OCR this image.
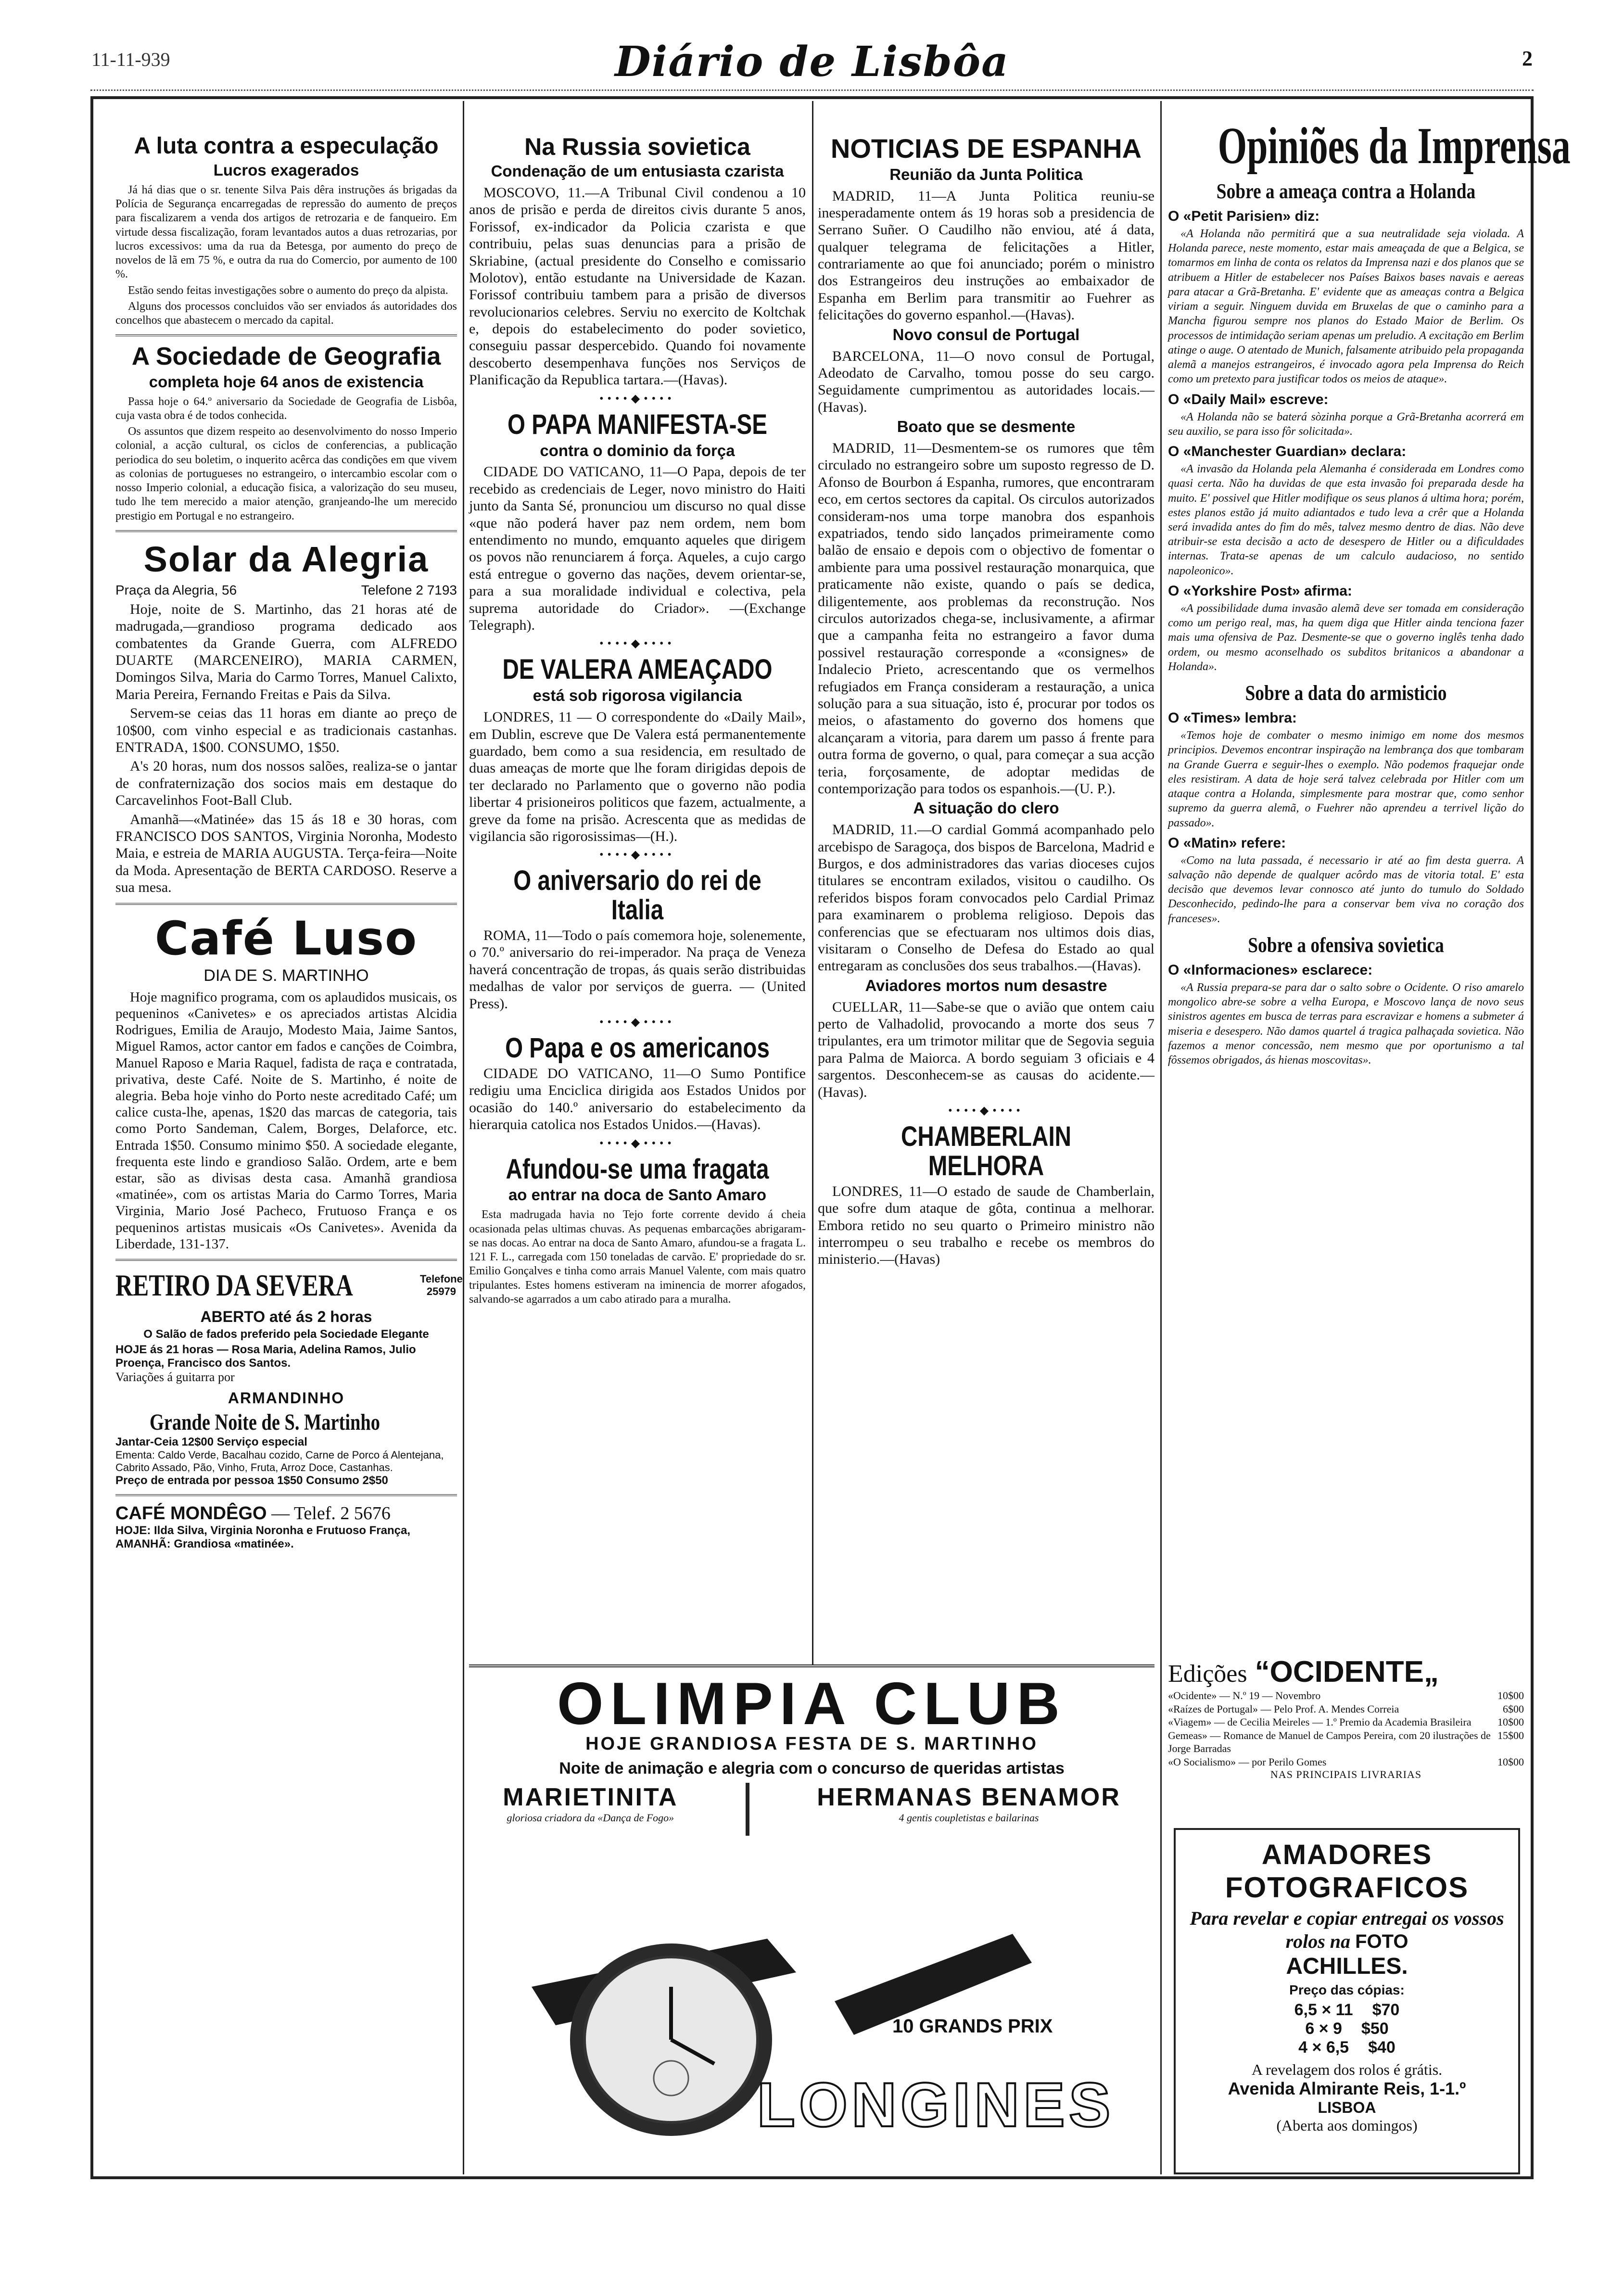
11-11-939	Diário de Lisbôa	2
A luta contra a especulação
Lucros exagerados

Já há dias que o sr. tenente Silva Pais dêra instruções ás brigadas da Polícia de Segurança encarregadas de repressão do aumento de preços para fiscalizarem a venda dos artigos de retrozaria e de fanqueiro. Em virtude dessa fiscalização, foram levantados autos a duas retrozarias, por lucros excessivos: uma da rua da Betesga, por aumento do preço de novelos de lã em 75 %, e outra da rua do Comercio, por aumento de 100 %.

Estão sendo feitas investigações sobre o aumento do preço da alpista.

Alguns dos processos concluidos vão ser enviados ás autoridades dos concelhos que abastecem o mercado da capital.

A Sociedade de Geografia
completa hoje 64 anos de existencia

Passa hoje o 64.º aniversario da Sociedade de Geografia de Lisbôa, cuja vasta obra é de todos conhecida.

Os assuntos que dizem respeito ao desenvolvimento do nosso Imperio colonial, a acção cultural, os ciclos de conferencias, a publicação periodica do seu boletim, o inquerito acêrca das condições em que vivem as colonias de portugueses no estrangeiro, o intercambio escolar com o nosso Imperio colonial, a educação fisica, a valorização do seu museu, tudo lhe tem merecido a maior atenção, granjeando-lhe um merecido prestigio em Portugal e no estrangeiro.

Solar da Alegria
Praça da Alegria, 56	Telefone 2 7193

Hoje, noite de S. Martinho, das 21 horas até de madrugada,—grandioso programa dedicado aos combatentes da Grande Guerra, com ALFREDO DUARTE (MARCENEIRO), MARIA CARMEN, Domingos Silva, Maria do Carmo Torres, Manuel Calixto, Maria Pereira, Fernando Freitas e Pais da Silva.

Servem-se ceias das 11 horas em diante ao preço de 10$00, com vinho especial e as tradicionais castanhas. ENTRADA, 1$00. CONSUMO, 1$50.

A's 20 horas, num dos nossos salões, realiza-se o jantar de confraternização dos socios mais em destaque do Carcavelinhos Foot-Ball Club.

Amanhã—«Matinée» das 15 ás 18 e 30 horas, com FRANCISCO DOS SANTOS, Virginia Noronha, Modesto Maia, e estreia de MARIA AUGUSTA. Terça-feira—Noite da Moda. Apresentação de BERTA CARDOSO. Reserve a sua mesa.

Café Luso
DIA DE S. MARTINHO

Hoje magnifico programa, com os aplaudidos musicais, os pequeninos «Canivetes» e os apreciados artistas Alcidia Rodrigues, Emilia de Araujo, Modesto Maia, Jaime Santos, Miguel Ramos, actor cantor em fados e canções de Coimbra, Manuel Raposo e Maria Raquel, fadista de raça e contratada, privativa, deste Café. Noite de S. Martinho, é noite de alegria. Beba hoje vinho do Porto neste acreditado Café; um calice custa-lhe, apenas, 1$20 das marcas de categoria, tais como Porto Sandeman, Calem, Borges, Delaforce, etc. Entrada 1$50. Consumo minimo $50. A sociedade elegante, frequenta este lindo e grandioso Salão. Ordem, arte e bem estar, são as divisas desta casa. Amanhã grandiosa «matinée», com os artistas Maria do Carmo Torres, Maria Virginia, Mario José Pacheco, Frutuoso França e os pequeninos artistas musicais «Os Canivetes». Avenida da Liberdade, 131-137.

RETIRO DA SEVERA	Telefone
25979
ABERTO até ás 2 horas
O Salão de fados preferido pela Sociedade Elegante
HOJE ás 21 horas — Rosa Maria, Adelina Ramos, Julio Proença, Francisco dos Santos.
Variações á guitarra por
ARMANDINHO
Grande Noite de S. Martinho
Jantar-Ceia 12$00 Serviço especial
Ementa: Caldo Verde, Bacalhau cozido, Carne de Porco á Alentejana, Cabrito Assado, Pão, Vinho, Fruta, Arroz Doce, Castanhas.
Preço de entrada por pessoa 1$50 Consumo 2$50
CAFÉ MONDÊGO — Telef. 2 5676
HOJE: Ilda Silva, Virginia Noronha e Frutuoso França, AMANHÃ: Grandiosa «matinée».
Na Russia sovietica
Condenação de um entusiasta czarista

MOSCOVO, 11.—A Tribunal Civil condenou a 10 anos de prisão e perda de direitos civis durante 5 anos, Forissof, ex-indicador da Policia czarista e que contribuiu, pelas suas denuncias para a prisão de Skriabine, (actual presidente do Conselho e comissario Molotov), então estudante na Universidade de Kazan. Forissof contribuiu tambem para a prisão de diversos revolucionarios celebres. Serviu no exercito de Koltchak e, depois do estabelecimento do poder sovietico, conseguiu passar despercebido. Quando foi novamente descoberto desempenhava funções nos Serviços de Planificação da Republica tartara.—(Havas).

••••◆••••
O PAPA MANIFESTA-SE
contra o dominio da força

CIDADE DO VATICANO, 11—O Papa, depois de ter recebido as credenciais de Leger, novo ministro do Haiti junto da Santa Sé, pronunciou um discurso no qual disse «que não poderá haver paz nem ordem, nem bom entendimento no mundo, emquanto aqueles que dirigem os povos não renunciarem á força. Aqueles, a cujo cargo está entregue o governo das nações, devem orientar-se, para a sua moralidade individual e colectiva, pela suprema autoridade do Criador». —(Exchange Telegraph).

••••◆••••
DE VALERA AMEAÇADO
está sob rigorosa vigilancia

LONDRES, 11 — O correspondente do «Daily Mail», em Dublin, escreve que De Valera está permanentemente guardado, bem como a sua residencia, em resultado de duas ameaças de morte que lhe foram dirigidas depois de ter declarado no Parlamento que o governo não podia libertar 4 prisioneiros politicos que fazem, actualmente, a greve da fome na prisão. Acrescenta que as medidas de vigilancia são rigorosissimas—(H.).

••••◆••••
O aniversario do rei de Italia

ROMA, 11—Todo o país comemora hoje, solenemente, o 70.º aniversario do rei-imperador. Na praça de Veneza haverá concentração de tropas, ás quais serão distribuidas medalhas de valor por serviços de guerra. — (United Press).

••••◆••••
O Papa e os americanos

CIDADE DO VATICANO, 11—O Sumo Pontifice redigiu uma Enciclica dirigida aos Estados Unidos por ocasião do 140.º aniversario do estabelecimento da hierarquia catolica nos Estados Unidos.—(Havas).

••••◆••••
Afundou-se uma fragata
ao entrar na doca de Santo Amaro

Esta madrugada havia no Tejo forte corrente devido á cheia ocasionada pelas ultimas chuvas. As pequenas embarcações abrigaram-se nas docas. Ao entrar na doca de Santo Amaro, afundou-se a fragata L. 121 F. L., carregada com 150 toneladas de carvão. E' propriedade do sr. Emilio Gonçalves e tinha como arrais Manuel Valente, com mais quatro tripulantes. Estes homens estiveram na iminencia de morrer afogados, salvando-se agarrados a um cabo atirado para a muralha.

NOTICIAS DE ESPANHA
Reunião da Junta Politica

MADRID, 11—A Junta Politica reuniu-se inesperadamente ontem ás 19 horas sob a presidencia de Serrano Suñer. O Caudilho não enviou, até á data, qualquer telegrama de felicitações a Hitler, contrariamente ao que foi anunciado; porém o ministro dos Estrangeiros deu instruções ao embaixador de Espanha em Berlim para transmitir ao Fuehrer as felicitações do governo espanhol.—(Havas).

Novo consul de Portugal

BARCELONA, 11—O novo consul de Portugal, Adeodato de Carvalho, tomou posse do seu cargo. Seguidamente cumprimentou as autoridades locais.—(Havas).

Boato que se desmente

MADRID, 11—Desmentem-se os rumores que têm circulado no estrangeiro sobre um suposto regresso de D. Afonso de Bourbon á Espanha, rumores, que encontraram eco, em certos sectores da capital. Os circulos autorizados consideram-nos uma torpe manobra dos espanhois expatriados, tendo sido lançados primeiramente como balão de ensaio e depois com o objectivo de fomentar o ambiente para uma possivel restauração monarquica, que praticamente não existe, quando o país se dedica, diligentemente, aos problemas da reconstrução. Nos circulos autorizados chega-se, inclusivamente, a afirmar que a campanha feita no estrangeiro a favor duma possivel restauração corresponde a «consignes» de Indalecio Prieto, acrescentando que os vermelhos refugiados em França consideram a restauração, a unica solução para a sua situação, isto é, procurar por todos os meios, o afastamento do governo dos homens que alcançaram a vitoria, para darem um passo á frente para outra forma de governo, o qual, para começar a sua acção teria, forçosamente, de adoptar medidas de contemporização para todos os espanhois.—(U. P.).

A situação do clero

MADRID, 11.—O cardial Gommá acompanhado pelo arcebispo de Saragoça, dos bispos de Barcelona, Madrid e Burgos, e dos administradores das varias dioceses cujos titulares se encontram exilados, visitou o caudilho. Os referidos bispos foram convocados pelo Cardial Primaz para examinarem o problema religioso. Depois das conferencias que se efectuaram nos ultimos dois dias, visitaram o Conselho de Defesa do Estado ao qual entregaram as conclusões dos seus trabalhos.—(Havas).

Aviadores mortos num desastre

CUELLAR, 11—Sabe-se que o avião que ontem caiu perto de Valhadolid, provocando a morte dos seus 7 tripulantes, era um trimotor militar que de Segovia seguia para Palma de Maiorca. A bordo seguiam 3 oficiais e 4 sargentos. Desconhecem-se as causas do acidente.—(Havas).

••••◆••••
CHAMBERLAIN MELHORA

LONDRES, 11—O estado de saude de Chamberlain, que sofre dum ataque de gôta, continua a melhorar. Embora retido no seu quarto o Primeiro ministro não interrompeu o seu trabalho e recebe os membros do ministerio.—(Havas)

Opiniões da Imprensa
Sobre a ameaça contra a Holanda
O «Petit Parisien» diz:

«A Holanda não permitirá que a sua neutralidade seja violada. A Holanda parece, neste momento, estar mais ameaçada de que a Belgica, se tomarmos em linha de conta os relatos da Imprensa nazi e dos planos que se atribuem a Hitler de estabelecer nos Países Baixos bases navais e aereas para atacar a Grã-Bretanha. E' evidente que as ameaças contra a Belgica viriam a seguir. Ninguem duvida em Bruxelas de que o caminho para a Mancha figurou sempre nos planos do Estado Maior de Berlim. Os processos de intimidação seriam apenas um preludio. A excitação em Berlim atinge o auge. O atentado de Munich, falsamente atribuido pela propaganda alemã a manejos estrangeiros, é invocado agora pela Imprensa do Reich como um pretexto para justificar todos os meios de ataque».

O «Daily Mail» escreve:

«A Holanda não se baterá sòzinha porque a Grã-Bretanha acorrerá em seu auxilio, se para isso fôr solicitada».

O «Manchester Guardian» declara:

«A invasão da Holanda pela Alemanha é considerada em Londres como quasi certa. Não ha duvidas de que esta invasão foi preparada desde ha muito. E' possivel que Hitler modifique os seus planos á ultima hora; porém, estes planos estão já muito adiantados e tudo leva a crêr que a Holanda será invadida antes do fim do mês, talvez mesmo dentro de dias. Não deve atribuir-se esta decisão a acto de desespero de Hitler ou a dificuldades internas. Trata-se apenas de um calculo audacioso, no sentido napoleonico».

O «Yorkshire Post» afirma:

«A possibilidade duma invasão alemã deve ser tomada em consideração como um perigo real, mas, ha quem diga que Hitler ainda tenciona fazer mais uma ofensiva de Paz. Desmente-se que o governo inglês tenha dado ordem, ou mesmo aconselhado os subditos britanicos a abandonar a Holanda».

Sobre a data do armisticio
O «Times» lembra:

«Temos hoje de combater o mesmo inimigo em nome dos mesmos principios. Devemos encontrar inspiração na lembrança dos que tombaram na Grande Guerra e seguir-lhes o exemplo. Não podemos fraquejar onde eles resistiram. A data de hoje será talvez celebrada por Hitler com um ataque contra a Holanda, simplesmente para mostrar que, como senhor supremo da guerra alemã, o Fuehrer não aprendeu a terrivel lição do passado».

O «Matin» refere:

«Como na luta passada, é necessario ir até ao fim desta guerra. A salvação não depende de qualquer acôrdo mas de vitoria total. E' esta decisão que devemos levar connosco até junto do tumulo do Soldado Desconhecido, pedindo-lhe para a conservar bem viva no coração dos franceses».

Sobre a ofensiva sovietica
O «Informaciones» esclarece:

«A Russia prepara-se para dar o salto sobre o Ocidente. O riso amarelo mongolico abre-se sobre a velha Europa, e Moscovo lança de novo seus sinistros agentes em busca de terras para escravizar e homens a submeter á miseria e desespero. Não damos quartel á tragica palhaçada sovietica. Não fazemos a menor concessão, nem mesmo que por oportunismo a tal fôssemos obrigados, ás hienas moscovitas».

Edições “OCIDENTE„
«Ocidente» — N.º 19 — Novembro	10$00
«Raízes de Portugal» — Pelo Prof. A. Mendes Correia	6$00
«Viagem» — de Cecilia Meireles — 1.º Premio da Academia Brasileira 10$00
Gemeas» — Romance de Manuel de Campos Pereira, com 20 ilustrações de Jorge Barradas
15$00
«O Socialismo» — por Perilo Gomes	10$00
NAS PRINCIPAIS LIVRARIAS
AMADORES
FOTOGRAFICOS
Para revelar e copiar entregai os vossos rolos na FOTO
ACHILLES.
Preço das cópias:
6,5 × 11 $70
6 × 9 $50
4 × 6,5 $40
A revelagem dos rolos é grátis.
Avenida Almirante Reis, 1-1.º
LISBOA
(Aberta aos domingos)
OLIMPIA CLUB
HOJE GRANDIOSA FESTA DE S. MARTINHO
Noite de animação e alegria com o concurso de queridas artistas
MARIETINITA
gloriosa criadora da «Dança de Fogo»
HERMANAS BENAMOR
4 gentis coupletistas e bailarinas
10 GRANDS PRIX
LONGINES
